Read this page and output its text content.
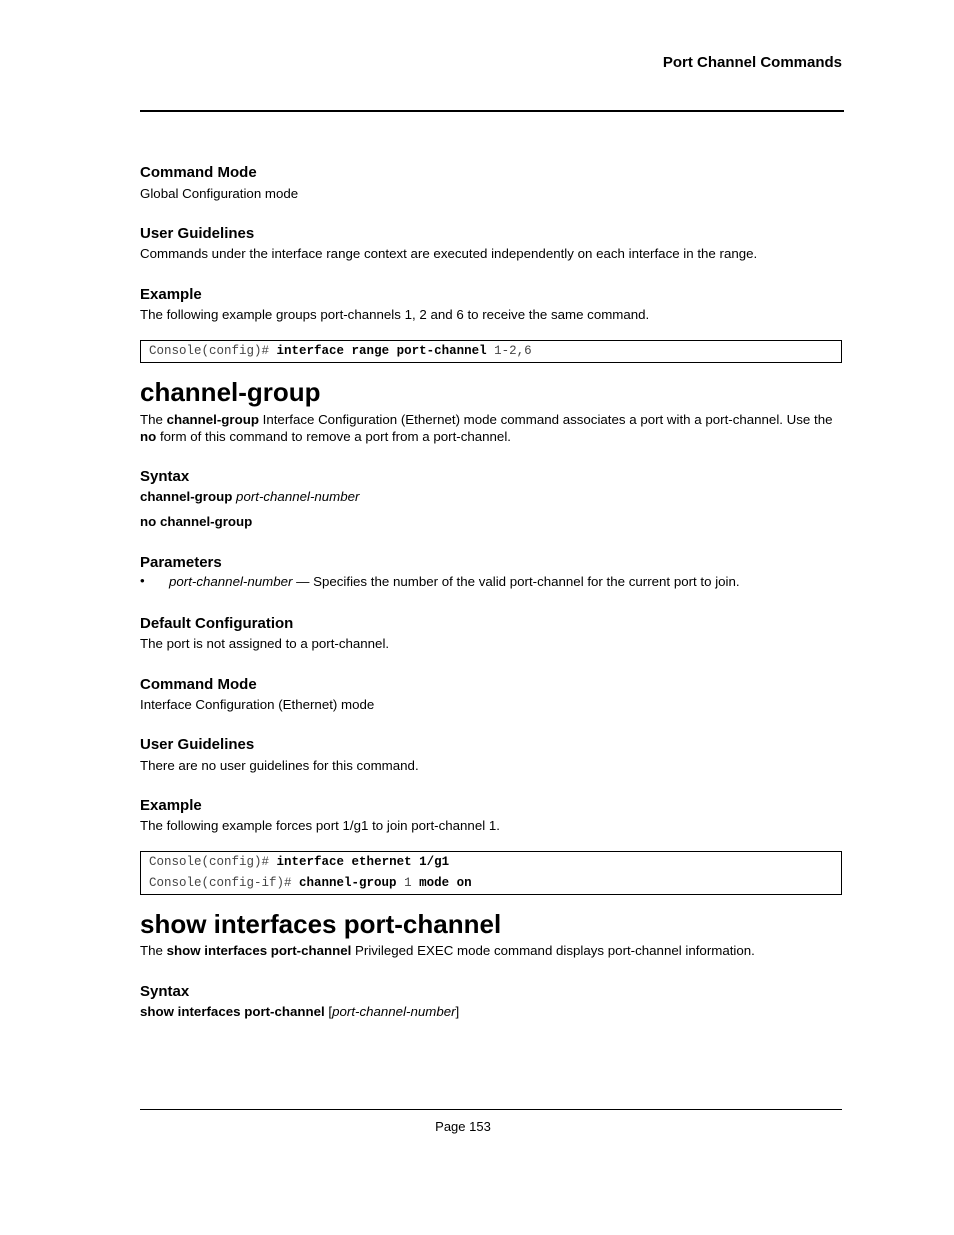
Port Channel Commands
Command Mode
Global Configuration mode
User Guidelines
Commands under the interface range context are executed independently on each interface in the range.
Example
The following example groups port-channels 1, 2 and 6 to receive the same command.
Console(config)# interface range port-channel 1-2,6
channel-group
The channel-group Interface Configuration (Ethernet) mode command associates a port with a port-channel. Use the no form of this command to remove a port from a port-channel.
Syntax
channel-group port-channel-number
no channel-group
Parameters
• port-channel-number — Specifies the number of the valid port-channel for the current port to join.
Default Configuration
The port is not assigned to a port-channel.
Command Mode
Interface Configuration (Ethernet) mode
User Guidelines
There are no user guidelines for this command.
Example
The following example forces port 1/g1 to join port-channel 1.
Console(config)# interface ethernet 1/g1
Console(config-if)# channel-group 1 mode on
show interfaces port-channel
The show interfaces port-channel Privileged EXEC mode command displays port-channel information.
Syntax
show interfaces port-channel [port-channel-number]
Page 153
